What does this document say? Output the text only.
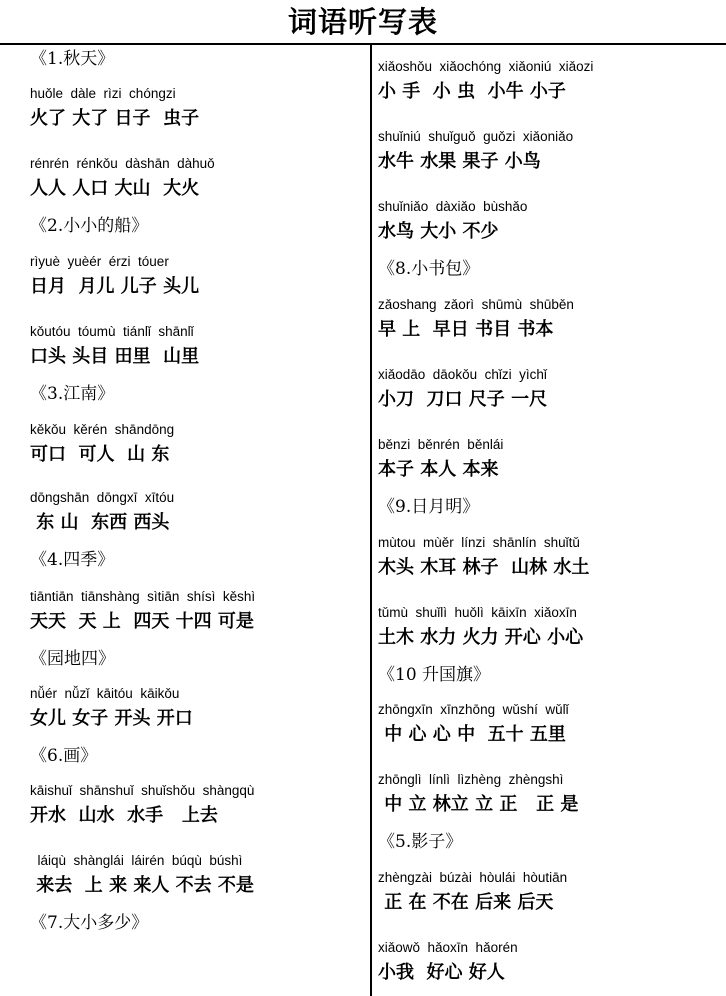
词语听写表
《1.秋天》
huǒle  dàle  rìzi  chóngzi
火了 大了 日子  虫子
rénrén  rénkǒu  dàshān  dàhuǒ
人人 人口 大山  大火
《2.小小的船》
rìyuè  yuèér  érzi  tóuer
日月  月儿 儿子 头儿
kǒutóu  tóumù  tiánlǐ  shānlǐ
口头 头目 田里  山里
《3.江南》
kěkǒu  kěrén  shāndōng
可口  可人  山 东
dōngshān  dōngxī  xītóu
东 山  东西 西头
《4.四季》
tiāntiān  tiānshàng  sìtiān  shísì  kěshì
天天  天 上  四天 十四 可是
《园地四》
nǚér  nǚzǐ  kāitóu  kāikǒu
女儿 女子 开头 开口
《6.画》
kāishuǐ  shānshuǐ  shuǐshǒu  shàngqù
开水  山水  水手   上去
láiqù  shànglái  láirén  búqù  búshì
来去  上 来 来人 不去 不是
《7.大小多少》
xiǎoshǒu  xiǎochóng  xiǎoniú  xiǎozi
小 手  小 虫  小牛 小子
shuǐniú  shuǐguǒ  guǒzi  xiǎoniǎo
水牛 水果 果子 小鸟
shuǐniǎo  dàxiǎo  bùshǎo
水鸟 大小 不少
《8.小书包》
zǎoshang  zǎorì  shūmù  shūběn
早 上  早日 书目 书本
xiǎodāo  dāokǒu  chǐzi  yìchǐ
小刀  刀口 尺子 一尺
běnzi  běnrén  běnlái
本子 本人 本来
《9.日月明》
mùtou  mùěr  línzi  shānlín  shuǐtǔ
木头 木耳 林子  山林 水土
tǔmù  shuǐlì  huǒlì  kāixīn  xiǎoxīn
土木 水力 火力 开心 小心
《10 升国旗》
zhōngxīn  xīnzhōng  wǔshí  wǔlǐ
中 心 心 中  五十 五里
zhōnglì  línlì  lìzhèng  zhèngshì
中 立 林立 立 正   正 是
《5.影子》
zhèngzài  búzài  hòulái  hòutiān
正 在 不在 后来 后天
xiǎowǒ  hǎoxīn  hǎorén
小我  好心 好人
